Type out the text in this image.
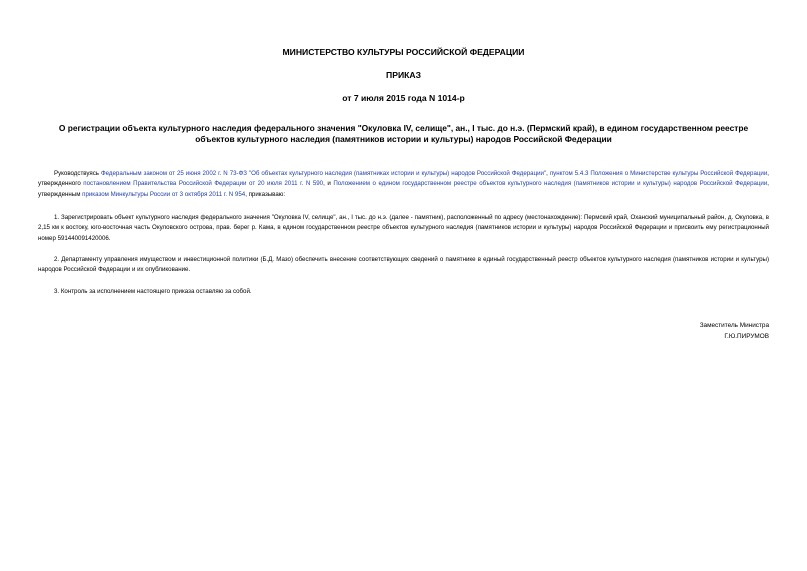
МИНИСТЕРСТВО КУЛЬТУРЫ РОССИЙСКОЙ ФЕДЕРАЦИИ

ПРИКАЗ

от 7 июля 2015 года N 1014-р

О регистрации объекта культурного наследия федерального значения "Окуловка IV, селище", ан., I тыс. до н.э. (Пермский край), в едином государственном реестре объектов культурного наследия (памятников истории и культуры) народов Российской Федерации

Руководствуясь Федеральным законом от 25 июня 2002 г. N 73-ФЗ "Об объектах культурного наследия (памятниках истории и культуры) народов Российской Федерации", пунктом 5.4.3 Положения о Министерстве культуры Российской Федерации, утвержденного постановлением Правительства Российской Федерации от 20 июля 2011 г. N 590, и Положением о едином государственном реестре объектов культурного наследия (памятников истории и культуры) народов Российской Федерации, утвержденным приказом Минкультуры России от 3 октября 2011 г. N 954, приказываю:

1. Зарегистрировать объект культурного наследия федерального значения "Окуловка IV, селище", ан., I тыс. до н.э. (далее - памятник), расположенный по адресу (местонахождение): Пермский край, Оханский муниципальный район, д. Окуловка, в 2,15 км к востоку, юго-восточная часть Окуловского острова, прав. берег р. Кама, в едином государственном реестре объектов культурного наследия (памятников истории и культуры) народов Российской Федерации и присвоить ему регистрационный номер 591440091420006.

2. Департаменту управления имуществом и инвестиционной политики (Б.Д. Мазо) обеспечить внесение соответствующих сведений о памятнике в единый государственный реестр объектов культурного наследия (памятников истории и культуры) народов Российской Федерации и их опубликование.

3. Контроль за исполнением настоящего приказа оставляю за собой.

Заместитель Министра

Г.Ю.ПИРУМОВ
